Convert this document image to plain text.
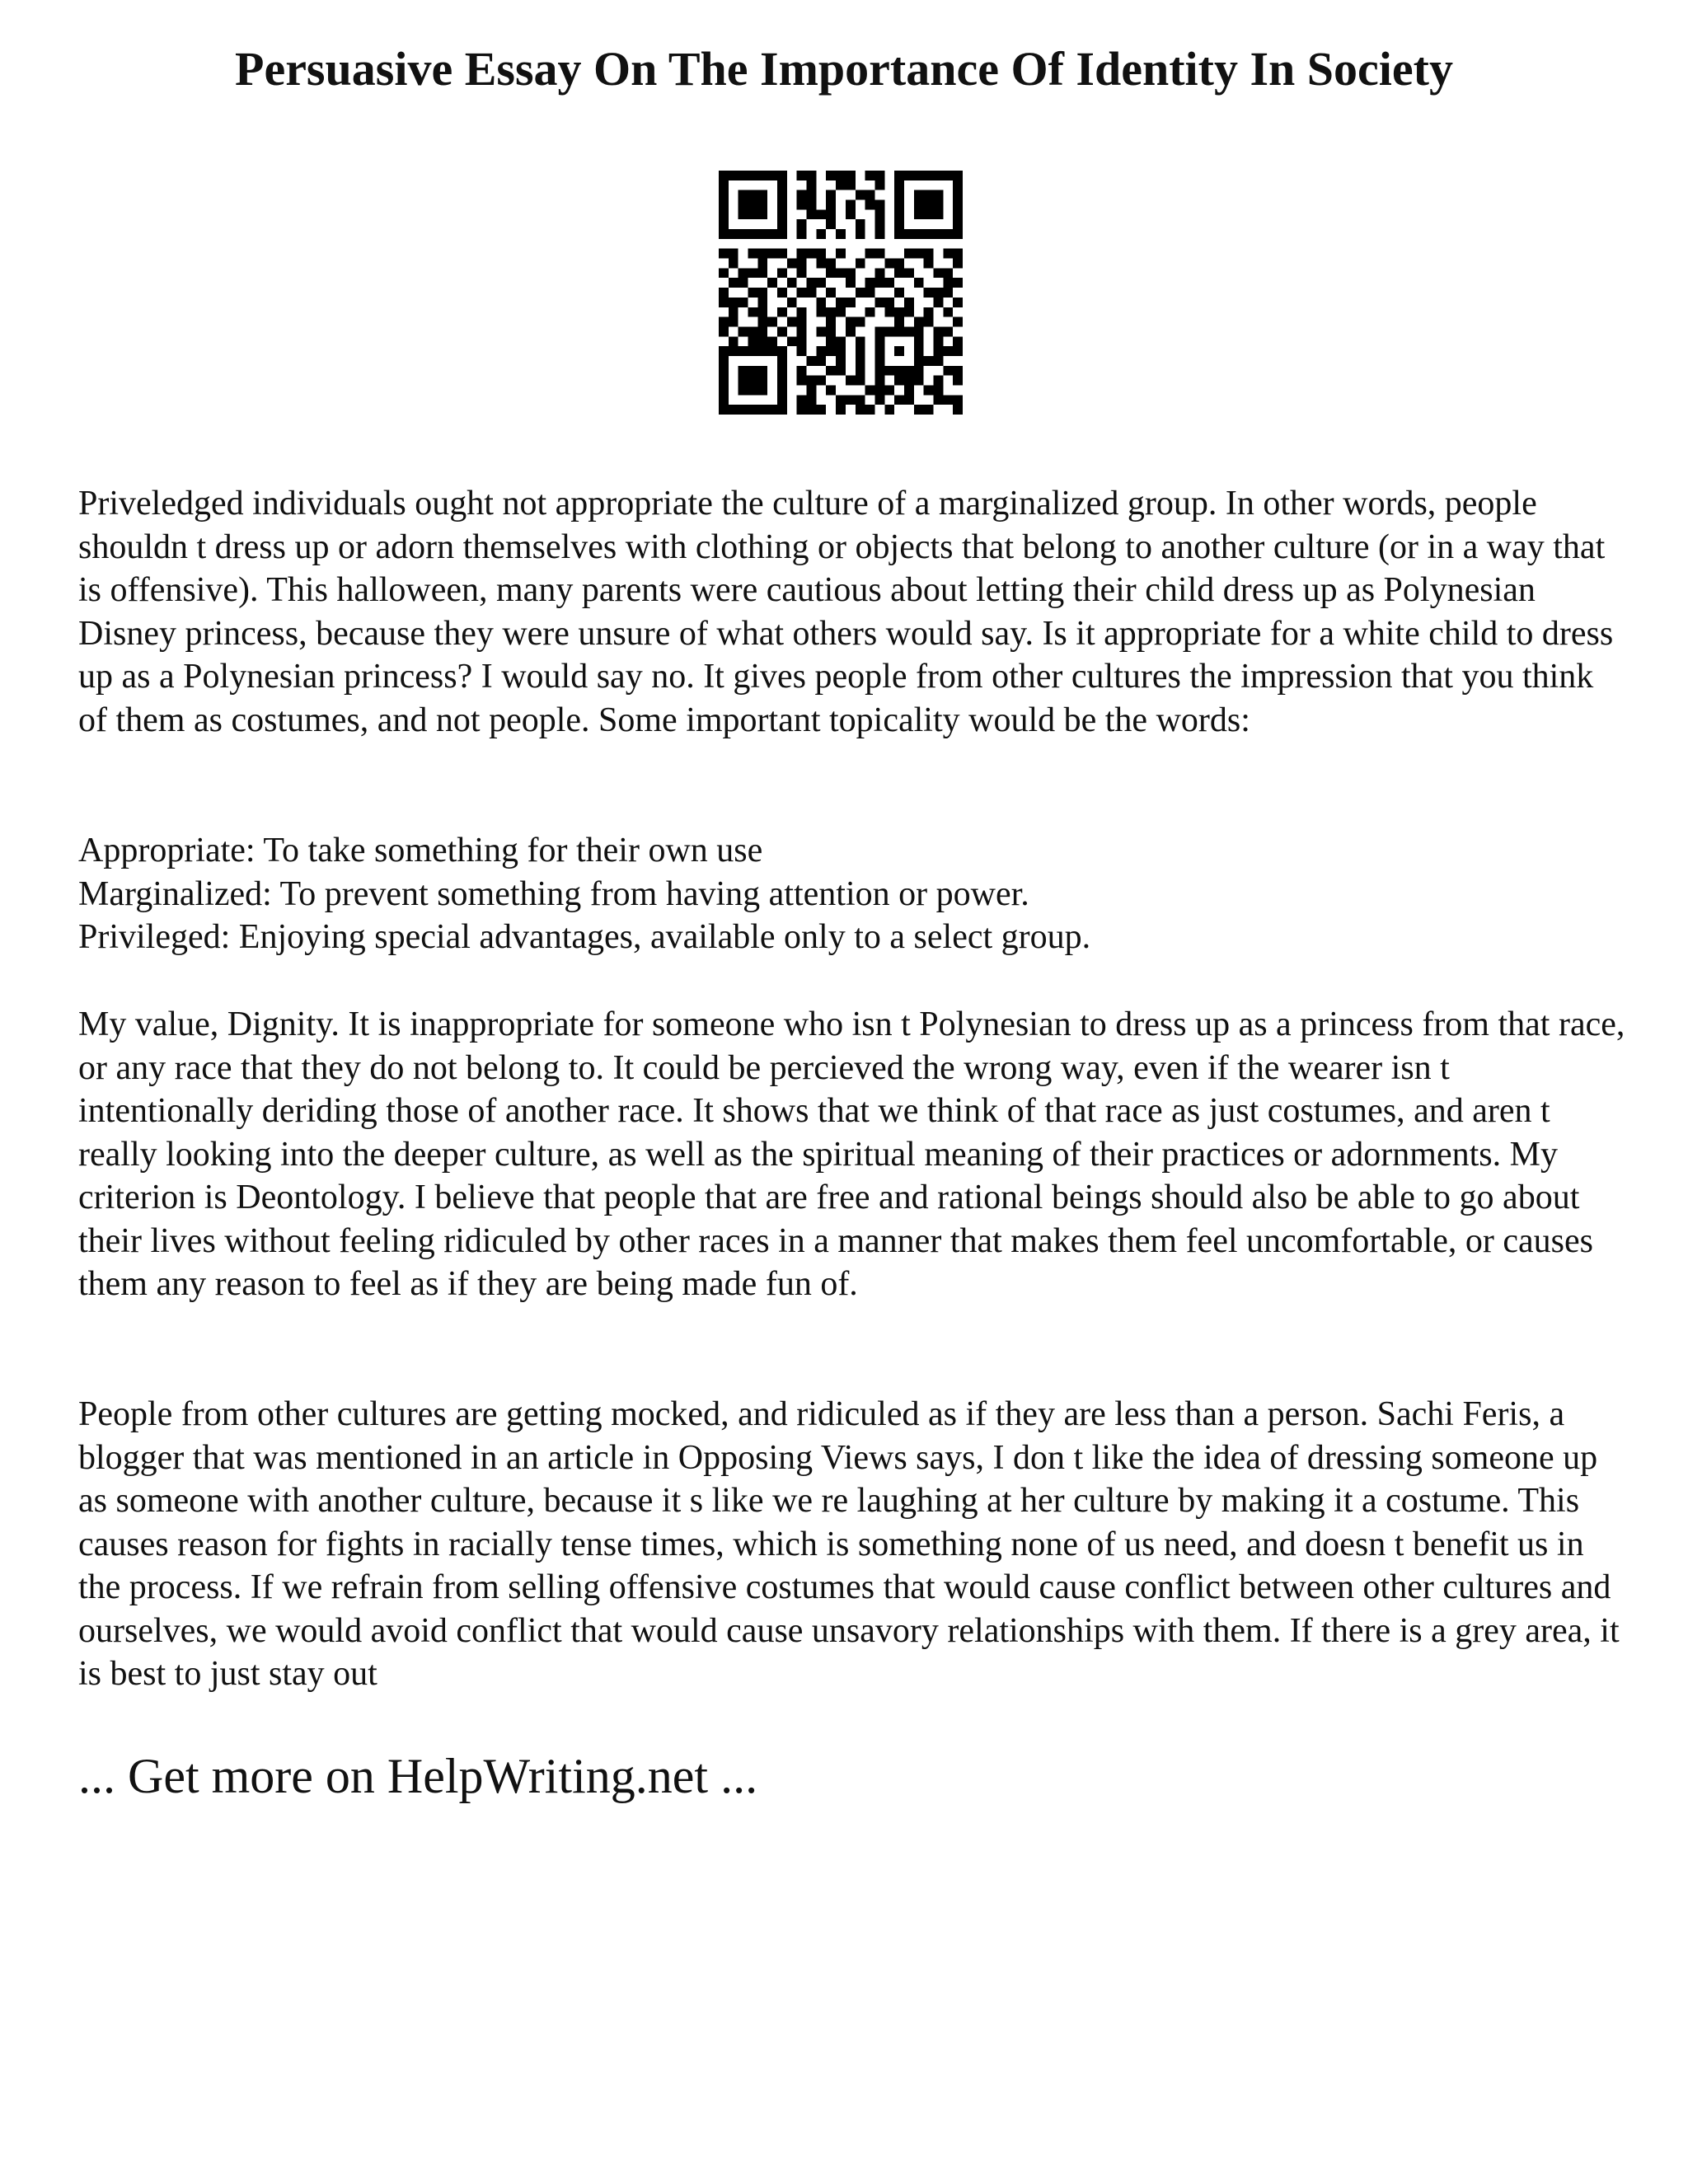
Persuasive Essay On The Importance Of Identity In Society

Priveledged individuals ought not appropriate the culture of a marginalized group. In other words, people shouldn t dress up or adorn themselves with clothing or objects that belong to another culture (or in a way that is offensive). This halloween, many parents were cautious about letting their child dress up as Polynesian Disney princess, because they were unsure of what others would say. Is it appropriate for a white child to dress up as a Polynesian princess? I would say no. It gives people from other cultures the impression that you think of them as costumes, and not people. Some important topicality would be the words:

Appropriate: To take something for their own use
Marginalized: To prevent something from having attention or power.
Privileged: Enjoying special advantages, available only to a select group.

My value, Dignity. It is inappropriate for someone who isn t Polynesian to dress up as a princess from that race, or any race that they do not belong to. It could be percieved the wrong way, even if the wearer isn t intentionally deriding those of another race. It shows that we think of that race as just costumes, and aren t really looking into the deeper culture, as well as the spiritual meaning of their practices or adornments. My criterion is Deontology. I believe that people that are free and rational beings should also be able to go about their lives without feeling ridiculed by other races in a manner that makes them feel uncomfortable, or causes them any reason to feel as if they are being made fun of.

People from other cultures are getting mocked, and ridiculed as if they are less than a person. Sachi Feris, a blogger that was mentioned in an article in Opposing Views says, I don t like the idea of dressing someone up as someone with another culture, because it s like we re laughing at her culture by making it a costume. This causes reason for fights in racially tense times, which is something none of us need, and doesn t benefit us in the process. If we refrain from selling offensive costumes that would cause conflict between other cultures and ourselves, we would avoid conflict that would cause unsavory relationships with them. If there is a grey area, it is best to just stay out

... Get more on HelpWriting.net ...
